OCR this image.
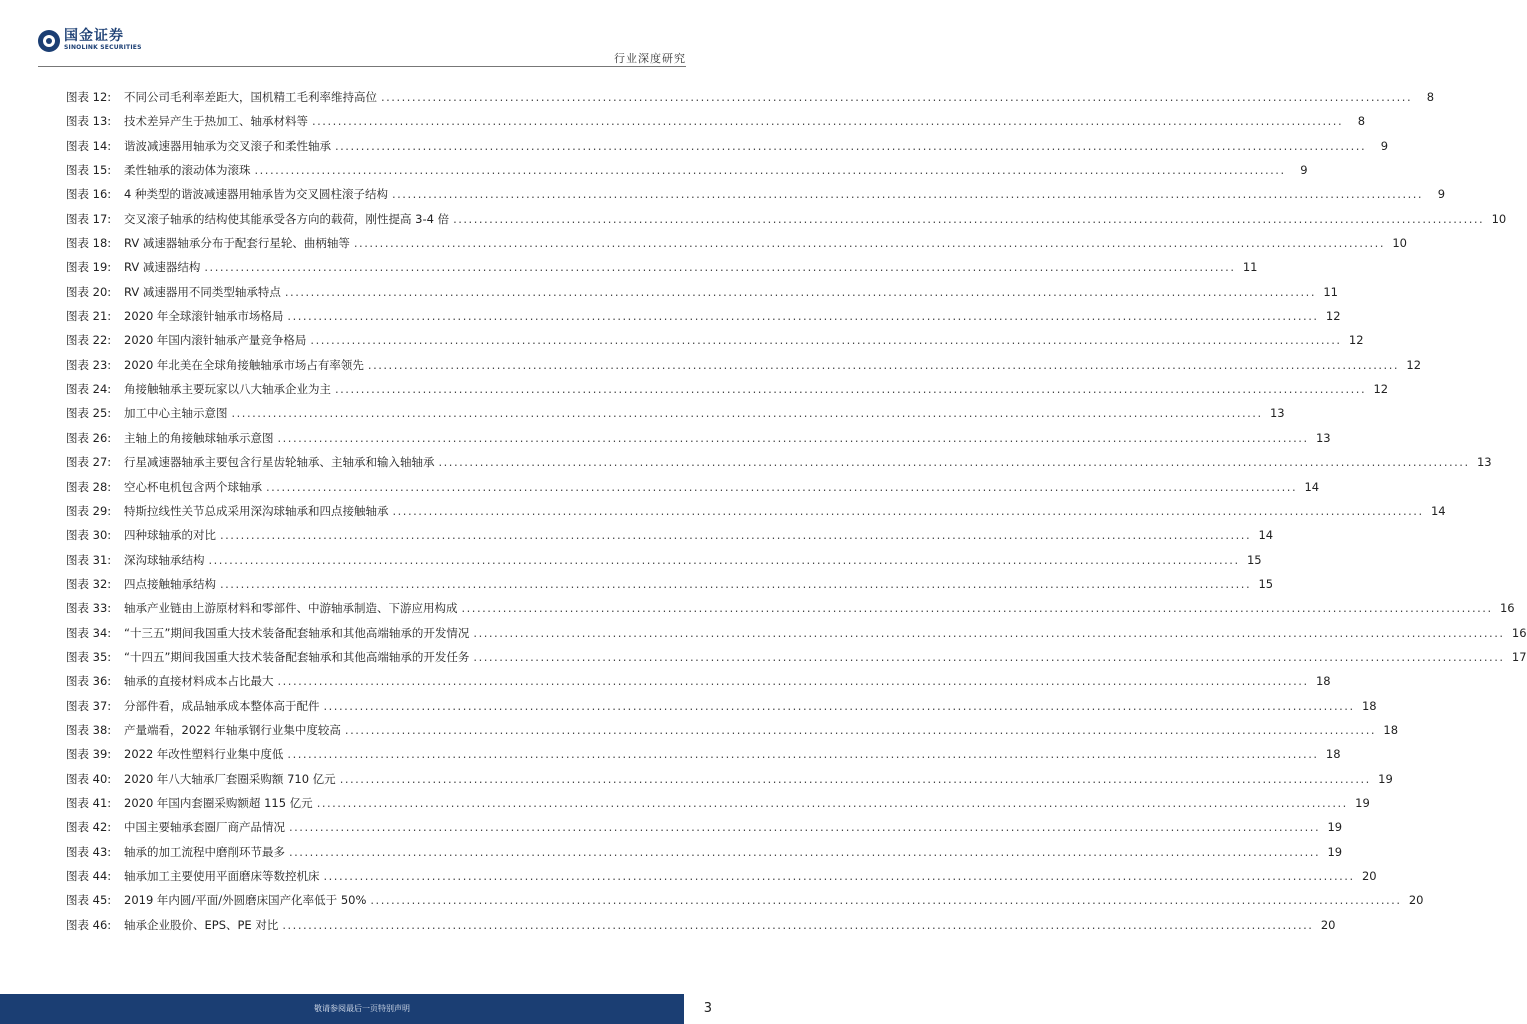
国金证券
SINOLINK SECURITIES
行业深度研究
图表 12:	不同公司毛利率差距大，国机精工毛利率维持高位 ........................................................................................................................................................................................................	8
图表 13:	技术差异产生于热加工、轴承材料等 ........................................................................................................................................................................................................	8
图表 14:	谐波减速器用轴承为交叉滚子和柔性轴承 ........................................................................................................................................................................................................	9
图表 15:	柔性轴承的滚动体为滚珠 ........................................................................................................................................................................................................	9
图表 16:	4 种类型的谐波减速器用轴承皆为交叉圆柱滚子结构 ........................................................................................................................................................................................................	9
图表 17:	交叉滚子轴承的结构使其能承受各方向的载荷，刚性提高 3-4 倍 ........................................................................................................................................................................................................ 10
图表 18:	RV 减速器轴承分布于配套行星轮、曲柄轴等 ........................................................................................................................................................................................................ 10
图表 19:	RV 减速器结构 ........................................................................................................................................................................................................ 11
图表 20:	RV 减速器用不同类型轴承特点 ........................................................................................................................................................................................................ 11
图表 21:	2020 年全球滚针轴承市场格局 ........................................................................................................................................................................................................ 12
图表 22:	2020 年国内滚针轴承产量竞争格局 ........................................................................................................................................................................................................ 12
图表 23:	2020 年北美在全球角接触轴承市场占有率领先 ........................................................................................................................................................................................................ 12
图表 24:	角接触轴承主要玩家以八大轴承企业为主 ........................................................................................................................................................................................................ 12
图表 25:	加工中心主轴示意图 ........................................................................................................................................................................................................ 13
图表 26:	主轴上的角接触球轴承示意图 ........................................................................................................................................................................................................ 13
图表 27:	行星减速器轴承主要包含行星齿轮轴承、主轴承和输入轴轴承 ........................................................................................................................................................................................................ 13
图表 28:	空心杯电机包含两个球轴承 ........................................................................................................................................................................................................ 14
图表 29:	特斯拉线性关节总成采用深沟球轴承和四点接触轴承 ........................................................................................................................................................................................................ 14
图表 30:	四种球轴承的对比 ........................................................................................................................................................................................................ 14
图表 31:	深沟球轴承结构 ........................................................................................................................................................................................................ 15
图表 32:	四点接触轴承结构 ........................................................................................................................................................................................................ 15
图表 33:	轴承产业链由上游原材料和零部件、中游轴承制造、下游应用构成 ........................................................................................................................................................................................................ 16
图表 34:	“十三五”期间我国重大技术装备配套轴承和其他高端轴承的开发情况 ........................................................................................................................................................................................................ 16
图表 35:	“十四五”期间我国重大技术装备配套轴承和其他高端轴承的开发任务 ........................................................................................................................................................................................................ 17
图表 36:	轴承的直接材料成本占比最大 ........................................................................................................................................................................................................ 18
图表 37:	分部件看，成品轴承成本整体高于配件 ........................................................................................................................................................................................................ 18
图表 38:	产量端看，2022 年轴承钢行业集中度较高 ........................................................................................................................................................................................................ 18
图表 39:	2022 年改性塑料行业集中度低 ........................................................................................................................................................................................................ 18
图表 40:	2020 年八大轴承厂套圈采购额 710 亿元 ........................................................................................................................................................................................................ 19
图表 41:	2020 年国内套圈采购额超 115 亿元 ........................................................................................................................................................................................................ 19
图表 42:	中国主要轴承套圈厂商产品情况 ........................................................................................................................................................................................................ 19
图表 43:	轴承的加工流程中磨削环节最多 ........................................................................................................................................................................................................ 19
图表 44:	轴承加工主要使用平面磨床等数控机床 ........................................................................................................................................................................................................ 20
图表 45:	2019 年内圆/平面/外圆磨床国产化率低于 50% ........................................................................................................................................................................................................ 20
图表 46:	轴承企业股价、EPS、PE 对比 ........................................................................................................................................................................................................ 20
敬请参阅最后一页特别声明	3
